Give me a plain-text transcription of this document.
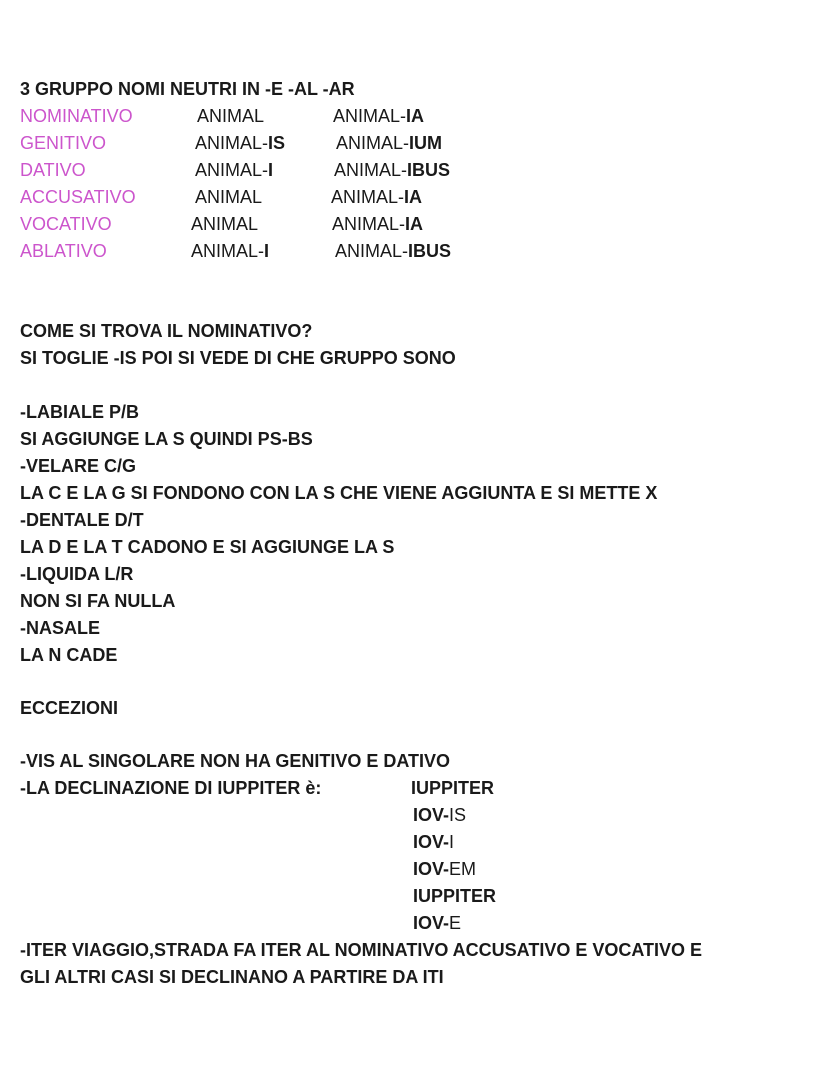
3 GRUPPO NOMI NEUTRI IN -E -AL -AR
NOMINATIVO	ANIMAL	ANIMAL-IA
GENITIVO	ANIMAL-IS	ANIMAL-IUM
DATIVO	ANIMAL-I	ANIMAL-IBUS
ACCUSATIVO	ANIMAL	ANIMAL-IA
VOCATIVO	ANIMAL	ANIMAL-IA
ABLATIVO	ANIMAL-I	ANIMAL-IBUS
COME SI TROVA IL NOMINATIVO?
SI TOGLIE -IS POI SI VEDE DI CHE GRUPPO SONO
-LABIALE P/B
SI AGGIUNGE LA S QUINDI PS-BS
-VELARE C/G
LA C E LA G SI FONDONO CON LA S CHE VIENE AGGIUNTA E SI METTE X
-DENTALE D/T
LA D E LA T CADONO E SI AGGIUNGE LA S
-LIQUIDA L/R
NON SI FA NULLA
-NASALE
LA N CADE
ECCEZIONI
-VIS AL SINGOLARE NON HA GENITIVO E DATIVO
-LA DECLINAZIONE DI IUPPITER è:	IUPPITER
IOV-IS
IOV-I
IOV-EM
IUPPITER
IOV-E
-ITER VIAGGIO,STRADA FA ITER AL NOMINATIVO ACCUSATIVO E VOCATIVO E
GLI ALTRI CASI SI DECLINANO A PARTIRE DA ITI
